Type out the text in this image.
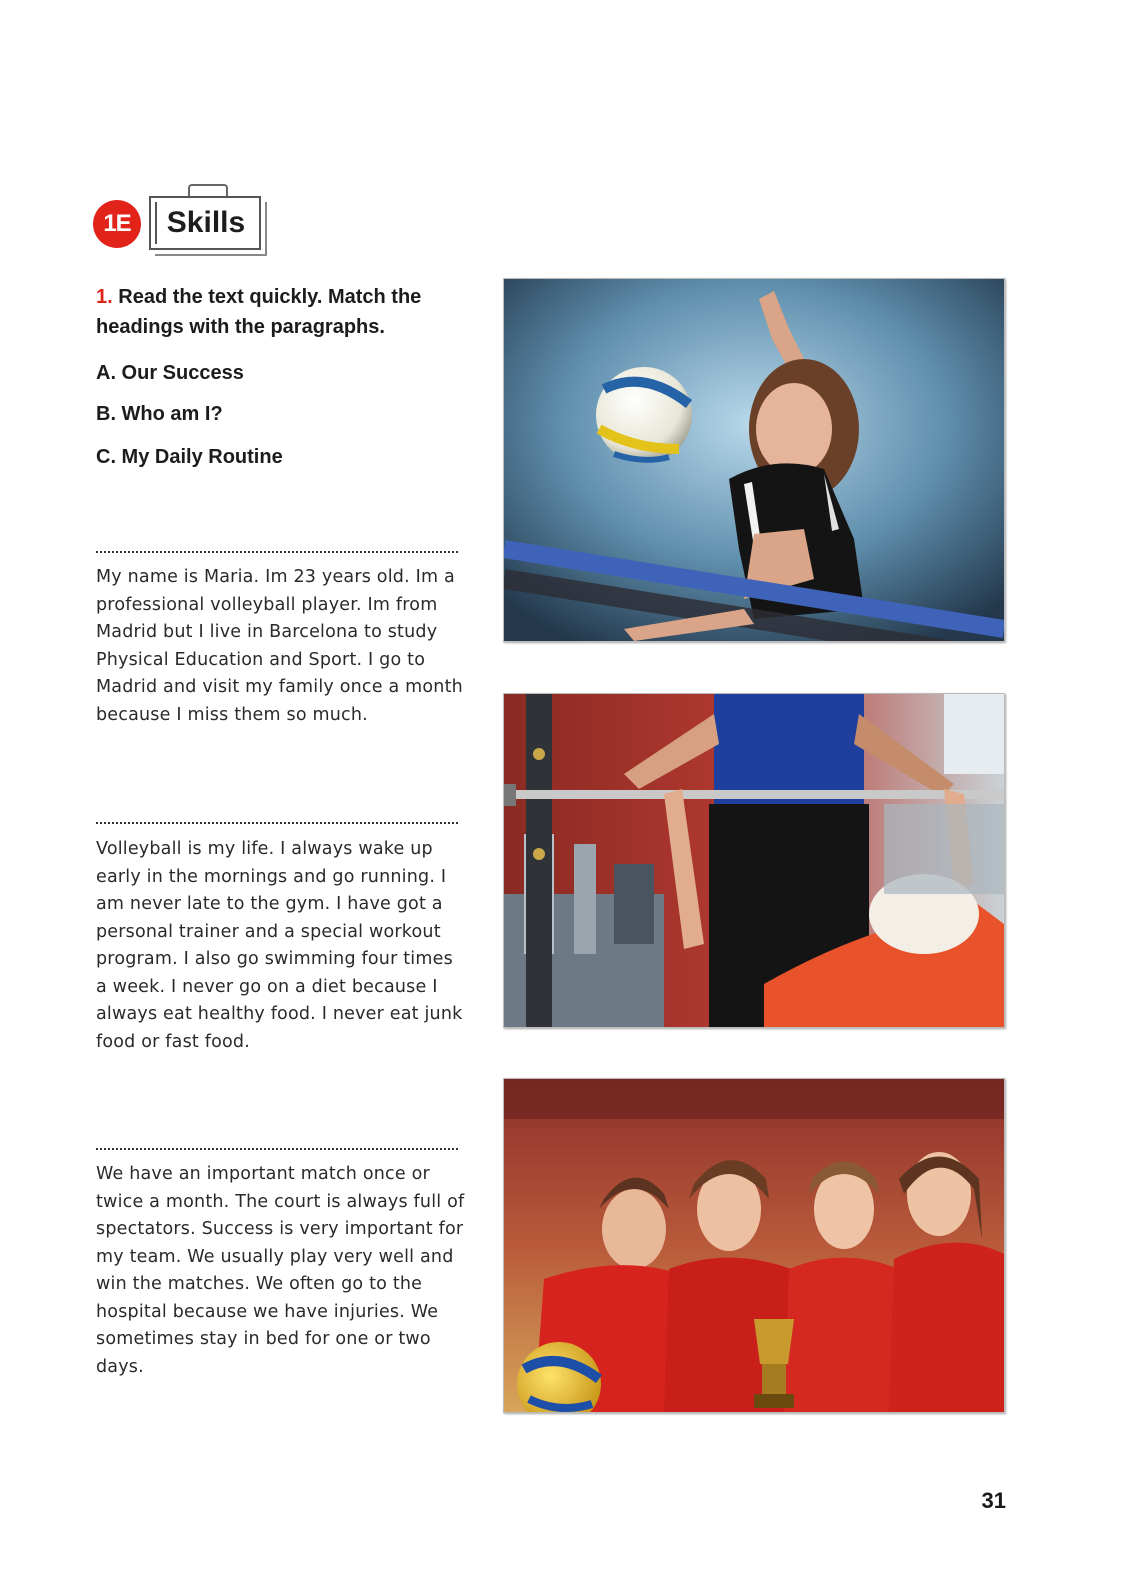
1E	Skills
1. Read the text quickly. Match the headings with the paragraphs.
A. Our Success
B. Who am I?
C. My Daily Routine
My name is Maria. Im 23 years old. Im a professional volleyball player. Im from Madrid but I live in Barcelona to study Physical Education and Sport. I go to Madrid and visit my family once a month because I miss them so much.
Volleyball is my life. I always wake up early in the mornings and go running. I am never late to the gym. I have got a personal trainer and a special workout program. I also go swimming four times a week. I never go on a diet because I always eat healthy food. I never eat junk food or fast food.
We have an important match once or twice a month. The court is always full of spectators. Success is very important for my team. We usually play very well and win the matches. We often go to the hospital because we have injuries. We sometimes stay in bed for one or two days.
31
